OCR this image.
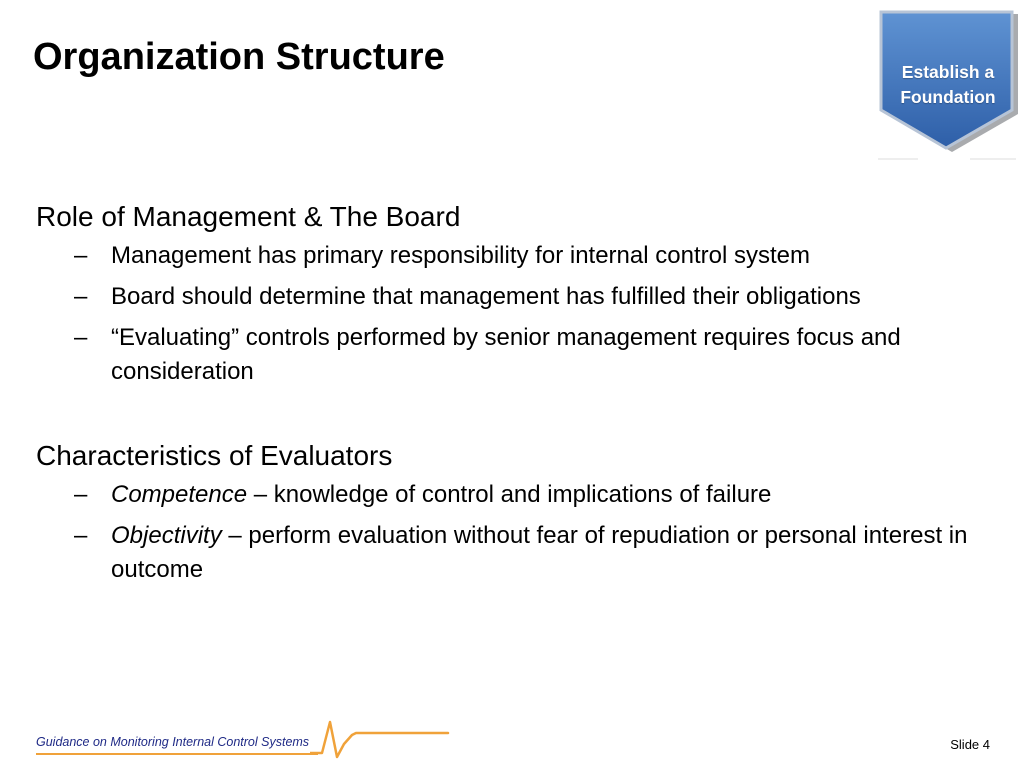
Organization Structure	Establish a
Foundation
Role of Management & The Board
– Management has primary responsibility for internal control system
– Board should determine that management has fulfilled their obligations
– “Evaluating” controls performed by senior management requires focus and consideration
Characteristics of Evaluators
– Competence – knowledge of control and implications of failure
– Objectivity – perform evaluation without fear of repudiation or personal interest in outcome
Guidance on Monitoring Internal Control Systems	Slide 4
